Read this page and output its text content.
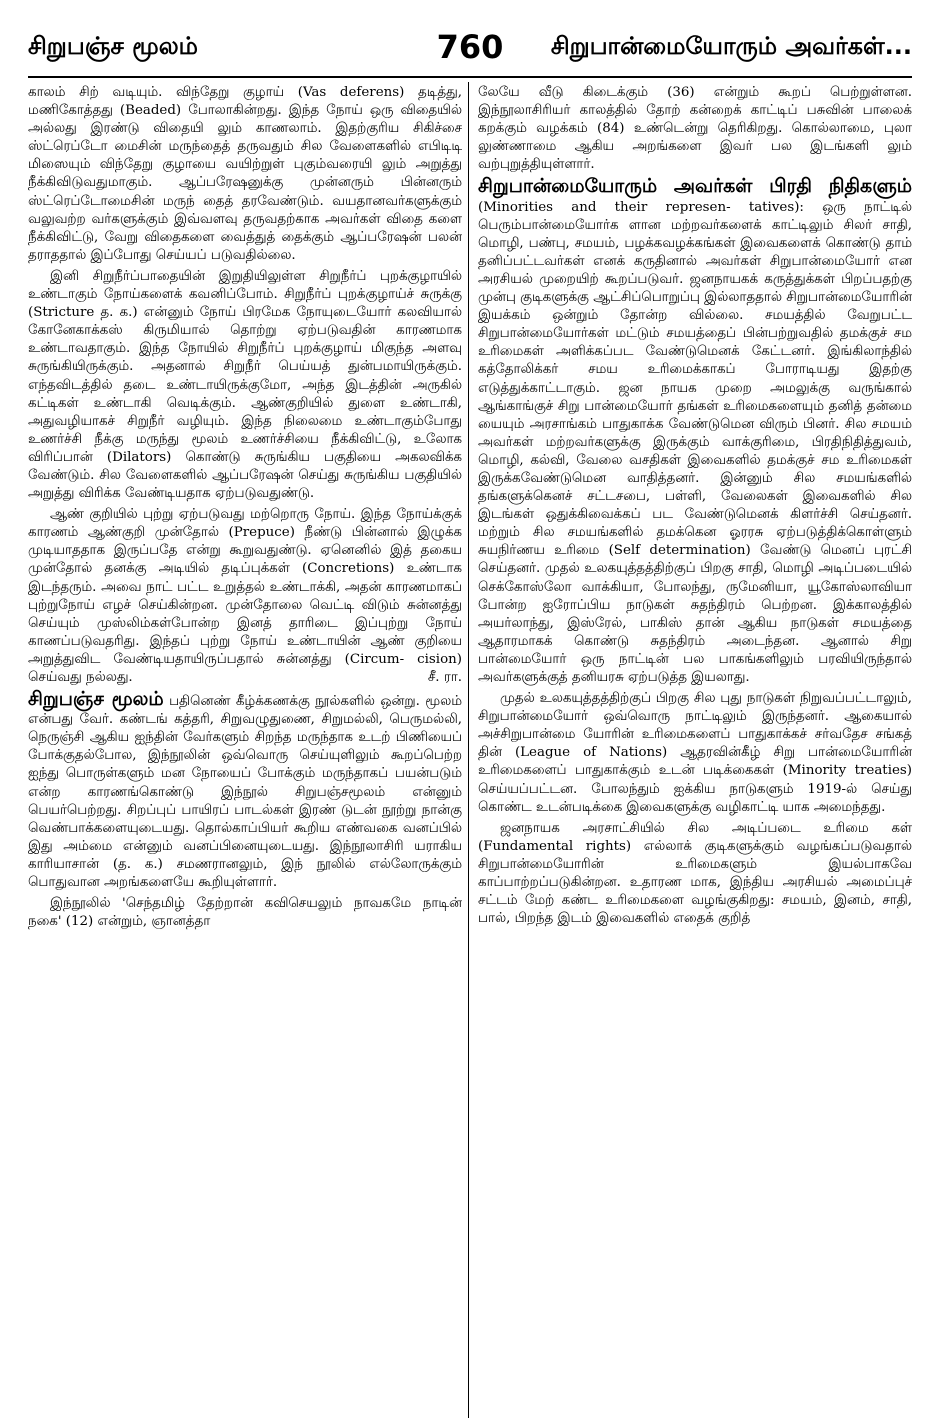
சிறுபஞ்ச மூலம்	760	சிறுபான்மையோரும் அவர்கள்...

காலம் சிற் வடியும். விந்தேறு குழாய் (Vas deferens) தடித்து, மணிகோத்தது (Beaded) போலாகின்றது. இந்த நோய் ஒரு விதையில் அல்லது இரண்டு விதையி லும் காணலாம். இதற்குரிய சிகிச்சை ஸ்ட்ரெப்டோ மைசின் மருந்தைத் தருவதும் சில வேளைகளில் எபிடிடி மிஸையும் விந்தேறு குழாயை வயிற்றுள் புகும்வரையி லும் அறுத்து நீக்கிவிடுவதுமாகும். ஆப்பரேஷனுக்கு முன்னரும் பின்னரும் ஸ்ட்ரெப்டோமைசின் மருந் தைத் தரவேண்டும். வயதானவர்களுக்கும் வலுவற்ற வர்களுக்கும் இவ்வளவு தருவதற்காக அவர்கள் விதை களை நீக்கிவிட்டு, வேறு விதைகளை வைத்துத் தைக்கும் ஆப்பரேஷன் பலன் தராததால் இப்போது செய்யப் படுவதில்லை.

இனி சிறுநீர்ப்பாதையின் இறுதியிலுள்ள சிறுநீர்ப் புறக்குழாயில் உண்டாகும் நோய்களைக் கவனிப்போம். சிறுநீர்ப் புறக்குழாய்ச் சுருக்கு (Stricture த. க.) என்னும் நோய் பிரமேக நோயுடையோர் கலவியால் கோனேகாக்கஸ் கிருமியால் தொற்று ஏற்படுவதின் காரணமாக உண்டாவதாகும். இந்த நோயில் சிறுநீர்ப் புறக்குழாய் மிகுந்த அளவு சுருங்கியிருக்கும். அதனால் சிறுநீர் பெய்யத் துன்பமாயிருக்கும். எந்தவிடத்தில் தடை உண்டாயிருக்குமோ, அந்த இடத்தின் அருகில் கட்டிகள் உண்டாகி வெடிக்கும். ஆண்குறியில் துளை உண்டாகி, அதுவழியாகச் சிறுநீர் வழியும். இந்த நிலைமை உண்டாகும்போது உணர்ச்சி நீக்கு மருந்து மூலம் உணர்ச்சியை நீக்கிவிட்டு, உலோக விரிப்பான் (Dilators) கொண்டு சுருங்கிய பகுதியை அகலவிக்க வேண்டும். சில வேளைகளில் ஆப்பரேஷன் செய்து சுருங்கிய பகுதியில் அறுத்து விரிக்க வேண்டியதாக ஏற்படுவதுண்டு.

ஆண் குறியில் புற்று ஏற்படுவது மற்றொரு நோய். இந்த நோய்க்குக் காரணம் ஆண்குறி முன்தோல் (Prepuce) நீண்டு பின்னால் இழுக்க முடியாததாக இருப்பதே என்று கூறுவதுண்டு. ஏனெனில் இத் தகைய முன்தோல் தனக்கு அடியில் தடிப்புக்கள் (Concretions) உண்டாக இடந்தரும். அவை நாட் பட்ட உறுத்தல் உண்டாக்கி, அதன் காரணமாகப் புற்றுநோய் எழச் செய்கின்றன. முன்தோலை வெட்டி விடும் சுன்னத்து செய்யும் முஸ்லிம்கள்போன்ற இனத் தாரிடை இப்புற்று நோய் காணப்படுவதரிது. இந்தப் புற்று நோய் உண்டாயின் ஆண் குறியை அறுத்துவிட வேண்டியதாயிருப்பதால் சுன்னத்து (Circum- cision) செய்வது நல்லது.	சீ. ரா.

சிறுபஞ்ச மூலம் பதினெண் கீழ்க்கணக்கு நூல்களில் ஒன்று. மூலம் என்பது வேர். கண்டங் கத்தரி, சிறுவழுதுணை, சிறுமல்லி, பெருமல்லி, நெருஞ்சி ஆகிய ஐந்தின் வேர்களும் சிறந்த மருந்தாக உடற் பிணியைப் போக்குதல்போல, இந்நூலின் ஒவ்வொரு செய்யுளிலும் கூறப்பெற்ற ஐந்து பொருள்களும் மன நோயைப் போக்கும் மருந்தாகப் பயன்படும் என்ற காரணங்கொண்டு இந்நூல் சிறுபஞ்சமூலம் என்னும் பெயர்பெற்றது. சிறப்புப் பாயிரப் பாடல்கள் இரண் டுடன் நூற்று நான்கு வெண்பாக்களையுடையது. தொல்காப்பியர் கூறிய எண்வகை வனப்பில் இது அம்மை என்னும் வனப்பினையுடையது. இந்நூலாசிரி யராகிய காரியாசான் (த. க.) சமணரானலும், இந் நூலில் எல்லோருக்கும் பொதுவான அறங்களையே கூறியுள்ளார்.

இந்நூலில் 'செந்தமிழ் தேற்றான் கவிசெயலும் நாவகமே நாடின் நகை' (12) என்றும், ஞானத்தா

லேயே வீடு கிடைக்கும் (36) என்றும் கூறப் பெற்றுள்ளன. இந்நூலாசிரியர் காலத்தில் தோற் கன்றைக் காட்டிப் பசுவின் பாலைக் கறக்கும் வழக்கம் (84) உண்டென்று தெரிகிறது. கொல்லாமை, புலா லுண்ணாமை ஆகிய அறங்களை இவர் பல இடங்களி லும் வற்புறுத்தியுள்ளார்.

சிறுபான்மையோரும் அவர்கள் பிரதி நிதிகளும் (Minorities and their represen- tatives): ஒரு நாட்டில் பெரும்பான்மையோர்க ளான மற்றவர்களைக் காட்டிலும் சிலர் சாதி, மொழி, பண்பு, சமயம், பழக்கவழக்கங்கள் இவைகளைக் கொண்டு தாம் தனிப்பட்டவர்கள் எனக் கருதினால் அவர்கள் சிறுபான்மையோர் என அரசியல் முறையிற் கூறப்படுவர். ஜனநாயகக் கருத்துக்கள் பிறப்பதற்கு முன்பு குடிகளுக்கு ஆட்சிப்பொறுப்பு இல்லாததால் சிறுபான்மையோரின் இயக்கம் ஒன்றும் தோன்ற வில்லை. சமயத்தில் வேறுபட்ட சிறுபான்மையோர்கள் மட்டும் சமயத்தைப் பின்பற்றுவதில் தமக்குச் சம உரிமைகள் அளிக்கப்பட வேண்டுமெனக் கேட்டனர். இங்கிலாந்தில் கத்தோலிக்கர் சமய உரிமைக்காகப் போராடியது இதற்கு எடுத்துக்காட்டாகும். ஜன நாயக முறை அமலுக்கு வருங்கால் ஆங்காங்குச் சிறு பான்மையோர் தங்கள் உரிமைகளையும் தனித் தன்மை யையும் அரசாங்கம் பாதுகாக்க வேண்டுமென விரும் பினர். சில சமயம் அவர்கள் மற்றவர்களுக்கு இருக்கும் வாக்குரிமை, பிரதிநிதித்துவம், மொழி, கல்வி, வேலை வசதிகள் இவைகளில் தமக்குச் சம உரிமைகள் இருக்கவேண்டுமென வாதித்தனர். இன்னும் சில சமயங்களில் தங்களுக்கெனச் சட்டசபை, பள்ளி, வேலைகள் இவைகளில் சில இடங்கள் ஒதுக்கிவைக்கப் பட வேண்டுமெனக் கிளர்ச்சி செய்தனர். மற்றும் சில சமயங்களில் தமக்கென ஓரரசு ஏற்படுத்திக்கொள்ளும் சுயநிர்ணய உரிமை (Self determination) வேண்டு மெனப் புரட்சி செய்தனர். முதல் உலகயுத்தத்திற்குப் பிறகு சாதி, மொழி அடிப்படையில் செக்கோஸ்லோ வாக்கியா, போலந்து, ருமேனியா, யூகோஸ்லாவியா போன்ற ஐரோப்பிய நாடுகள் சுதந்திரம் பெற்றன. இக்காலத்தில் அயர்லாந்து, இஸ்ரேல், பாகிஸ் தான் ஆகிய நாடுகள் சமயத்தை ஆதாரமாகக் கொண்டு சுதந்திரம் அடைந்தன. ஆனால் சிறு பான்மையோர் ஒரு நாட்டின் பல பாகங்களிலும் பரவியிருந்தால் அவர்களுக்குத் தனியரசு ஏற்படுத்த இயலாது.

முதல் உலகயுத்தத்திற்குப் பிறகு சில புது நாடுகள் நிறுவப்பட்டாலும், சிறுபான்மையோர் ஒவ்வொரு நாட்டிலும் இருந்தனர். ஆகையால் அச்சிறுபான்மை யோரின் உரிமைகளைப் பாதுகாக்கச் சர்வதேச சங்கத் தின் (League of Nations) ஆதரவின்கீழ் சிறு பான்மையோரின் உரிமைகளைப் பாதுகாக்கும் உடன் படிக்கைகள் (Minority treaties) செய்யப்பட்டன. போலந்தும் ஐக்கிய நாடுகளும் 1919-ல் செய்து கொண்ட உடன்படிக்கை இவைகளுக்கு வழிகாட்டி யாக அமைந்தது.

ஜனநாயக அரசாட்சியில் சில அடிப்படை உரிமை கள் (Fundamental rights) எல்லாக் குடிகளுக்கும் வழங்கப்படுவதால் சிறுபான்மையோரின் உரிமைகளும் இயல்பாகவே காப்பாற்றப்படுகின்றன. உதாரண மாக, இந்திய அரசியல் அமைப்புச் சட்டம் மேற் கண்ட உரிமைகளை வழங்குகிறது: சமயம், இனம், சாதி, பால், பிறந்த இடம் இவைகளில் எதைக் குறித்
